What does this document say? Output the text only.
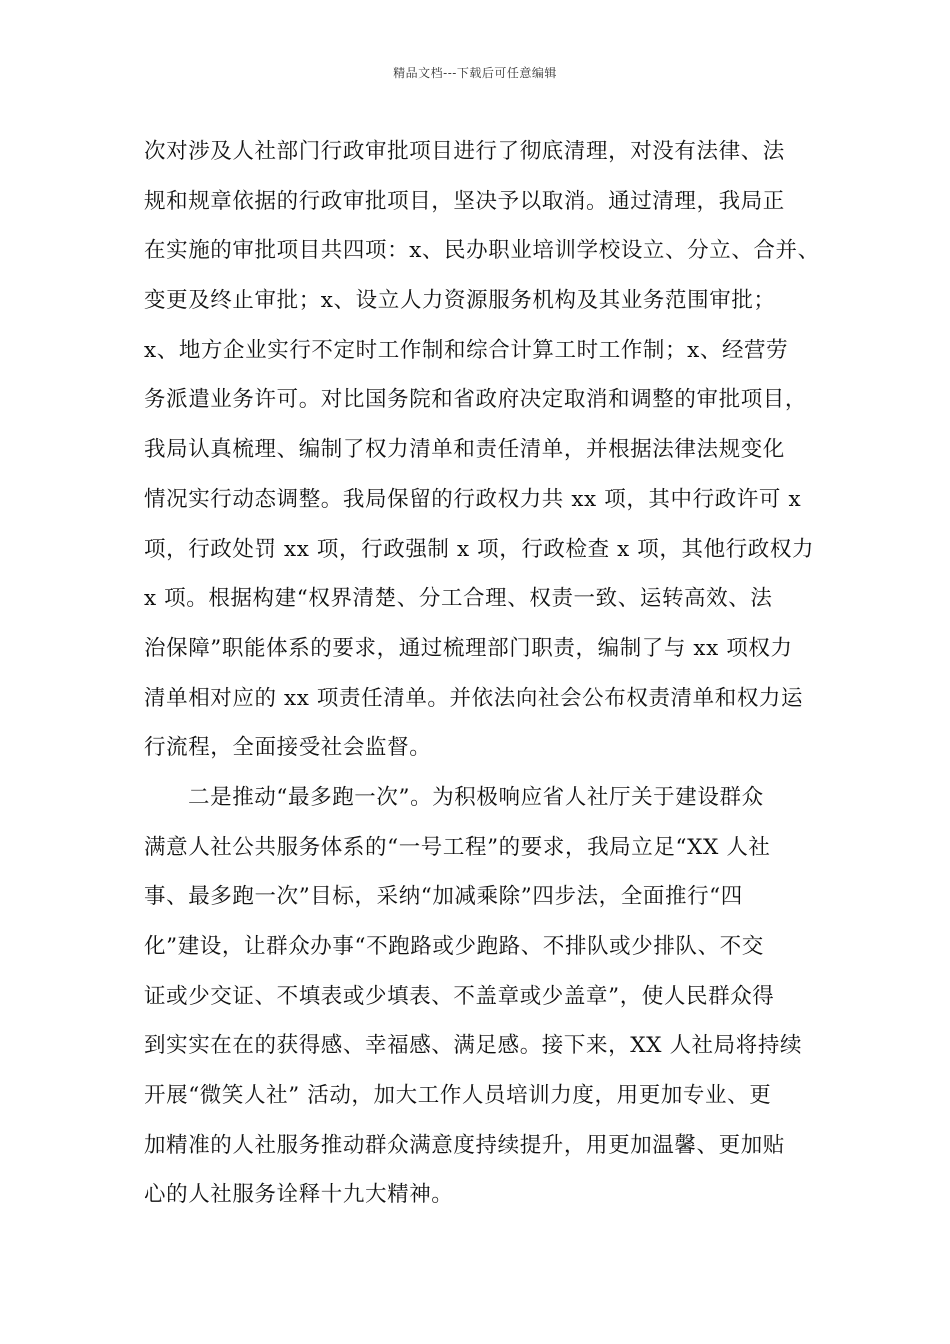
精品文档---下载后可任意编辑
次对涉及人社部门行政审批项目进行了彻底清理，对没有法律、法
规和规章依据的行政审批项目，坚决予以取消。通过清理，我局正
在实施的审批项目共四项：x、民办职业培训学校设立、分立、合并、
变更及终止审批；x、设立人力资源服务机构及其业务范围审批；
x、地方企业实行不定时工作制和综合计算工时工作制；x、经营劳
务派遣业务许可。对比国务院和省政府决定取消和调整的审批项目，
我局认真梳理、编制了权力清单和责任清单，并根据法律法规变化
情况实行动态调整。我局保留的行政权力共 xx 项，其中行政许可 x
项，行政处罚 xx 项，行政强制 x 项，行政检查 x 项，其他行政权力
x 项。根据构建“权界清楚、分工合理、权责一致、运转高效、法
治保障”职能体系的要求，通过梳理部门职责，编制了与 xx 项权力
清单相对应的 xx 项责任清单。并依法向社会公布权责清单和权力运
行流程，全面接受社会监督。
二是推动“最多跑一次”。为积极响应省人社厅关于建设群众
满意人社公共服务体系的“一号工程”的要求，我局立足“XX 人社
事、最多跑一次”目标，采纳“加减乘除”四步法，全面推行“四
化”建设，让群众办事“不跑路或少跑路、不排队或少排队、不交
证或少交证、不填表或少填表、不盖章或少盖章”，使人民群众得
到实实在在的获得感、幸福感、满足感。接下来，XX 人社局将持续
开展“微笑人社” 活动，加大工作人员培训力度，用更加专业、更
加精准的人社服务推动群众满意度持续提升，用更加温馨、更加贴
心的人社服务诠释十九大精神。
